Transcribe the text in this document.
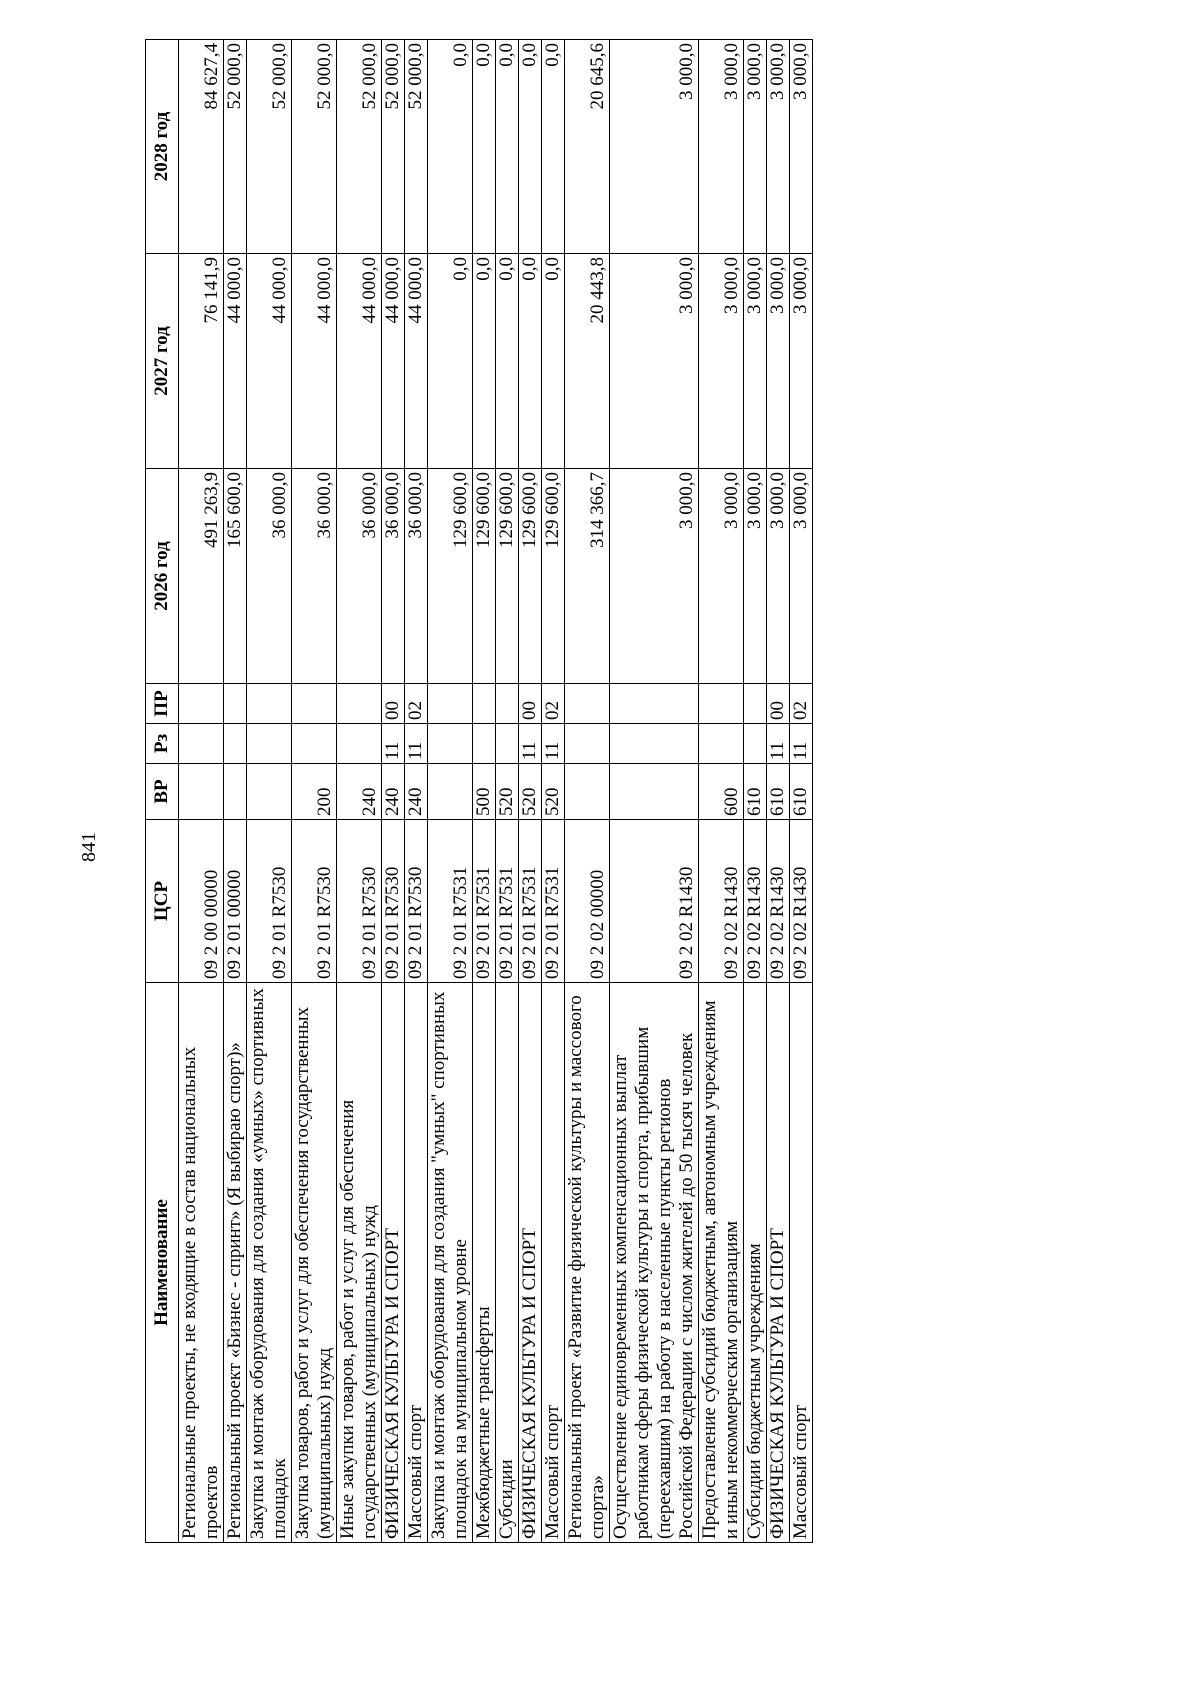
841
Наименование	ЦСР	ВР	Рз	ПР	2026 год	2027 год	2028 год
Региональные проекты, не входящие в состав национальных проектов	09 2 00 00000				491 263,9	76 141,9	84 627,4
Региональный проект «Бизнес - спринт» (Я выбираю спорт)»	09 2 01 00000				165 600,0	44 000,0	52 000,0
Закупка и монтаж оборудования для создания «умных» спортивных площадок	09 2 01 R7530				36 000,0	44 000,0	52 000,0
Закупка товаров, работ и услуг для обеспечения государственных (муниципальных) нужд	09 2 01 R7530	200			36 000,0	44 000,0	52 000,0
Иные закупки товаров, работ и услуг для обеспечения государственных (муниципальных) нужд	09 2 01 R7530	240			36 000,0	44 000,0	52 000,0
ФИЗИЧЕСКАЯ КУЛЬТУРА И СПОРТ	09 2 01 R7530	240	11	00	36 000,0	44 000,0	52 000,0
Массовый спорт	09 2 01 R7530	240	11	02	36 000,0	44 000,0	52 000,0
Закупка и монтаж оборудования для создания "умных" спортивных площадок на муниципальном уровне	09 2 01 R7531				129 600,0	0,0	0,0
Межбюджетные трансферты	09 2 01 R7531	500			129 600,0	0,0	0,0
Субсидии	09 2 01 R7531	520			129 600,0	0,0	0,0
ФИЗИЧЕСКАЯ КУЛЬТУРА И СПОРТ	09 2 01 R7531	520	11	00	129 600,0	0,0	0,0
Массовый спорт	09 2 01 R7531	520	11	02	129 600,0	0,0	0,0
Региональный проект «Развитие физической культуры и массового спорта»	09 2 02 00000				314 366,7	20 443,8	20 645,6
Осуществление единовременных компенсационных выплат работникам сферы физической культуры и спорта, прибывшим (переехавшим) на работу в населенные пункты регионов Российской Федерации с числом жителей до 50 тысяч человек	09 2 02 R1430				3 000,0	3 000,0	3 000,0
Предоставление субсидий бюджетным, автономным учреждениям и иным некоммерческим организациям	09 2 02 R1430	600			3 000,0	3 000,0	3 000,0
Субсидии бюджетным учреждениям	09 2 02 R1430	610			3 000,0	3 000,0	3 000,0
ФИЗИЧЕСКАЯ КУЛЬТУРА И СПОРТ	09 2 02 R1430	610	11	00	3 000,0	3 000,0	3 000,0
Массовый спорт	09 2 02 R1430	610	11	02	3 000,0	3 000,0	3 000,0
